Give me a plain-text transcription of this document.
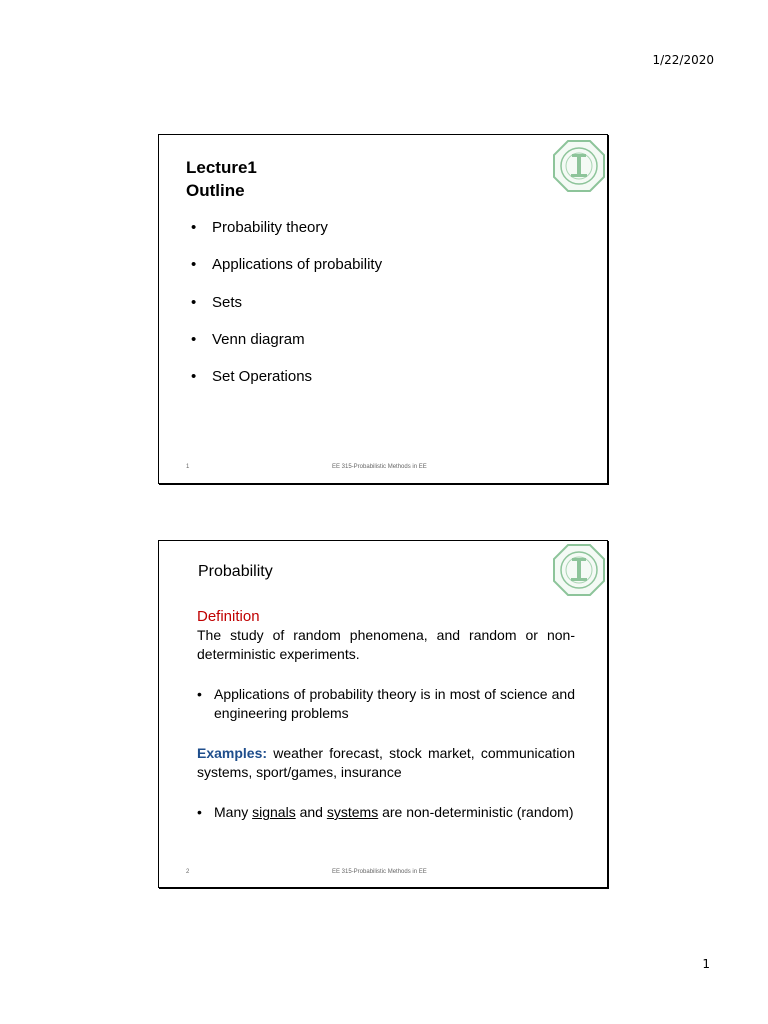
1/22/2020
Lecture1
Outline
• Probability theory
• Applications of probability
• Sets
• Venn diagram
• Set Operations
1	EE 315-Probabilistic Methods in EE
Probability
Definition
The study of random phenomena, and random or non-deterministic experiments.
• Applications of probability theory is in most of science and engineering problems
Examples: weather forecast, stock market, communication systems, sport/games, insurance
• Many signals and systems are non-deterministic (random)
2	EE 315-Probabilistic Methods in EE
1
